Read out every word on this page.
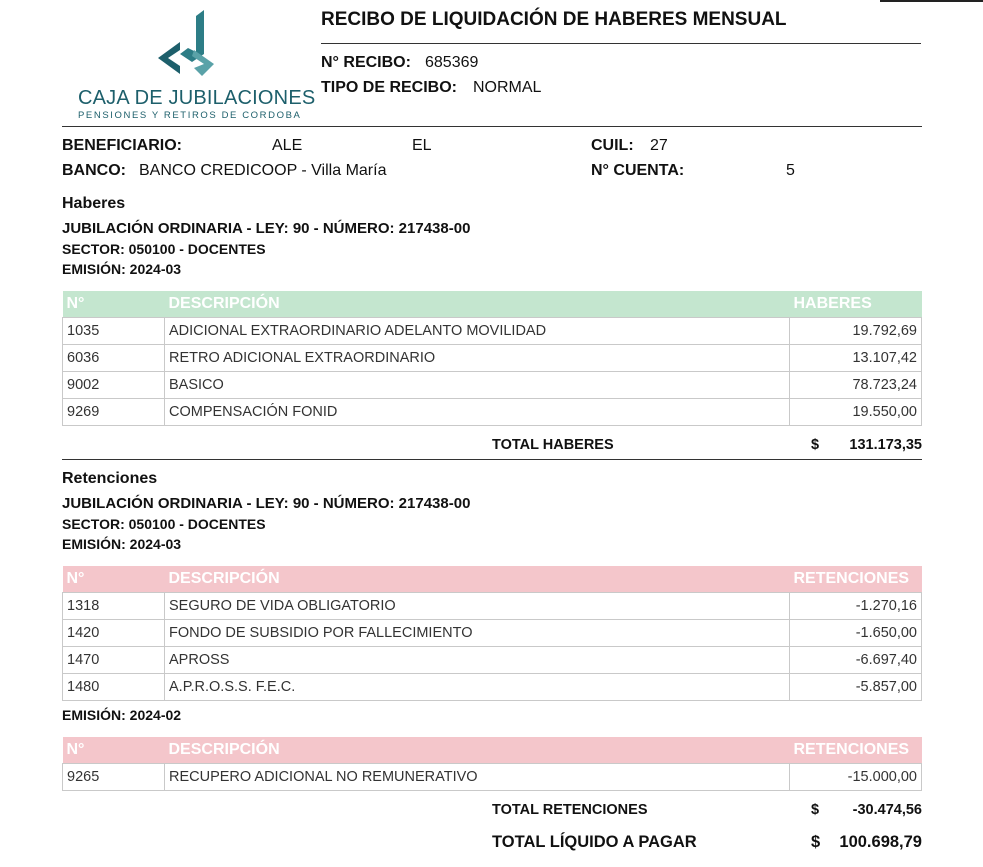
CAJA DE JUBILACIONES
PENSIONES Y RETIROS DE CORDOBA
RECIBO DE LIQUIDACIÓN DE HABERES MENSUAL
N° RECIBO: 685369
TIPO DE RECIBO: NORMAL
BENEFICIARIO:	ALE	EL	CUIL: 27
BANCO: BANCO CREDICOOP - Villa María	N° CUENTA:	5
Haberes
JUBILACIÓN ORDINARIA - LEY: 90 - NÚMERO: 217438-00
SECTOR: 050100 - DOCENTES
EMISIÓN: 2024-03
N°	DESCRIPCIÓN	HABERES
1035	ADICIONAL EXTRAORDINARIO ADELANTO MOVILIDAD	19.792,69
6036	RETRO ADICIONAL EXTRAORDINARIO	13.107,42
9002	BASICO	78.723,24
9269	COMPENSACIÓN FONID	19.550,00
TOTAL HABERES	$	131.173,35
Retenciones
JUBILACIÓN ORDINARIA - LEY: 90 - NÚMERO: 217438-00
SECTOR: 050100 - DOCENTES
EMISIÓN: 2024-03
N°	DESCRIPCIÓN	RETENCIONES
1318	SEGURO DE VIDA OBLIGATORIO	-1.270,16
1420	FONDO DE SUBSIDIO POR FALLECIMIENTO	-1.650,00
1470	APROSS	-6.697,40
1480	A.P.R.O.S.S. F.E.C.	-5.857,00
EMISIÓN: 2024-02
N°	DESCRIPCIÓN	RETENCIONES
9265	RECUPERO ADICIONAL NO REMUNERATIVO	-15.000,00
TOTAL RETENCIONES	$	-30.474,56
TOTAL LÍQUIDO A PAGAR	$	100.698,79
